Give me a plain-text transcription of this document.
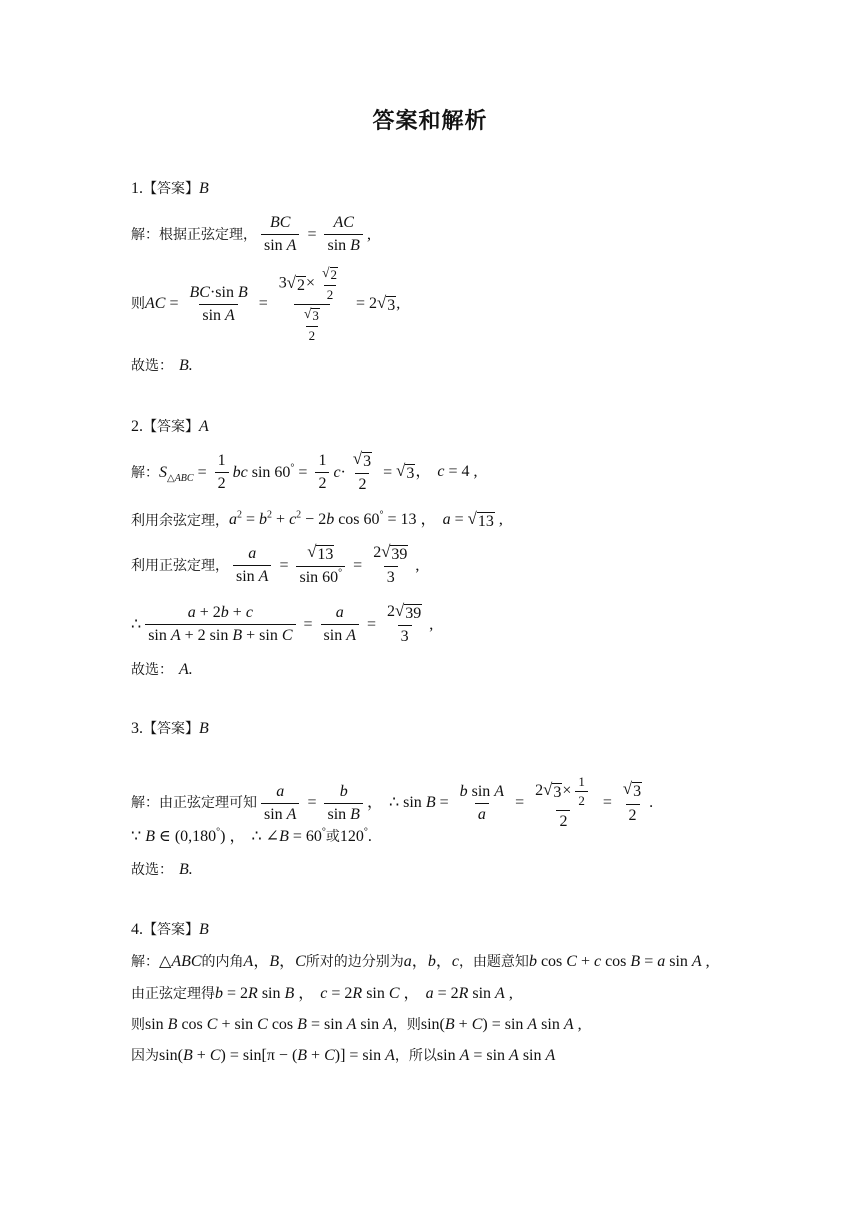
答案和解析
1. 【答案】 B
解：根据正弦定理， $\frac{BC}{\text{sin A}} = \frac{AC}{\text{sin B}}$ ,
则 AC = $\frac{\text{BC·sin B}}{\text{sin A}} = \frac{3 √ 2 \times \frac{√ 2}{2}}{\frac{√ 3}{2}} = 2$ √ 3 ,
故选： B.
2. 【答案】 A
解： $S_{\triangle ABC} = \frac{1}{2}$ bc $\sin 60^\circ = \frac{1}{2} c\cdot \frac{√ 3}{2}$ = √ 3 ， c = 4 ,
利用余弦定理， $a^2 = b^2 + c^2 - 2b$ cos 60° = 13 ， a = √ 13 ,
利用正弦定理， $\frac{a}{\text{sin A}} = \frac{√ 13}{\sin 60^\circ} = \frac{2 √ 39}{3}$ ,
∴ $\frac{a + 2b + c}{\text{sin A + 2 sin B + sin C}} = \frac{a}{\text{sin A}} = \frac{2 √ 39}{3}$ ,
故选： A.
3. 【答案】 B
解：由正弦定理可知 $\frac{a}{\text{sin A}} = \frac{b}{\text{sin B}}$ ， ∴ $\sin B = \frac{\text{b sin A}}{a} = \frac{2 √ 3 \times \frac{1}{2}}{2} = \frac{√ 3}{2}$ .
∵ B ∈ (0,180°) ， ∴ ∠B = 60° 或 120°.
故选： B.
4. 【答案】 B
解： △ABC 的内角 A，B，C 所对的边分别为 a，b，c ，由题意知 b cos C + c cos B = a sin A ,
由正弦定理得 b = 2R sin B ， c = 2R sin C ， a = 2R sin A ,
则 sin B cos C + sin C cos B = sin A sin A ，则 sin(B + C) = sin A sin A ,
因为 sin(B + C) = sin[π − (B + C)] = sin A ，所以 sin A = sin A sin A
